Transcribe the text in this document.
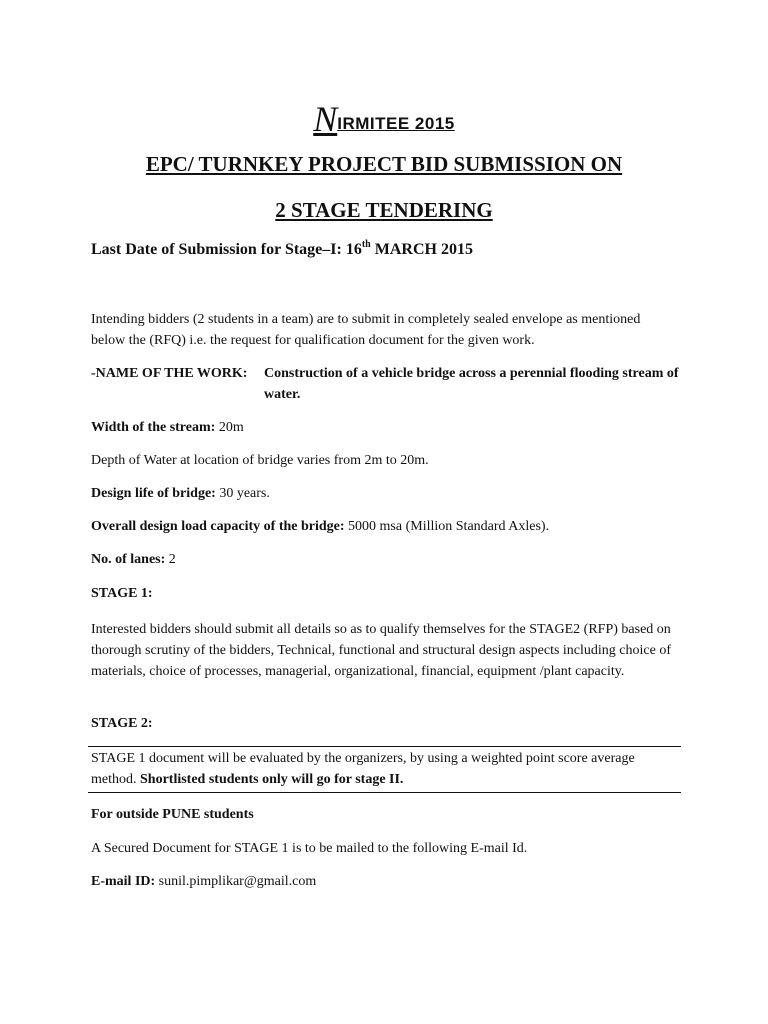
NIRMITEE 2015
EPC/ TURNKEY PROJECT BID SUBMISSION ON
2 STAGE TENDERING
Last Date of Submission for Stage–I: 16th MARCH 2015
Intending bidders (2 students in a team) are to submit in completely sealed envelope as mentioned below the (RFQ) i.e. the request for qualification document for the given work.
-NAME OF THE WORK: Construction of a vehicle bridge across a perennial flooding stream of water.
Width of the stream: 20m
Depth of Water at location of bridge varies from 2m to 20m.
Design life of bridge: 30 years.
Overall design load capacity of the bridge: 5000 msa (Million Standard Axles).
No. of lanes: 2
STAGE 1:
Interested bidders should submit all details so as to qualify themselves for the STAGE2 (RFP) based on thorough scrutiny of the bidders, Technical, functional and structural design aspects including choice of materials, choice of processes, managerial, organizational, financial, equipment /plant capacity.
STAGE 2:
STAGE 1 document will be evaluated by the organizers, by using a weighted point score average method. Shortlisted students only will go for stage II.
For outside PUNE students
A Secured Document for STAGE 1 is to be mailed to the following E-mail Id.
E-mail ID: sunil.pimplikar@gmail.com
